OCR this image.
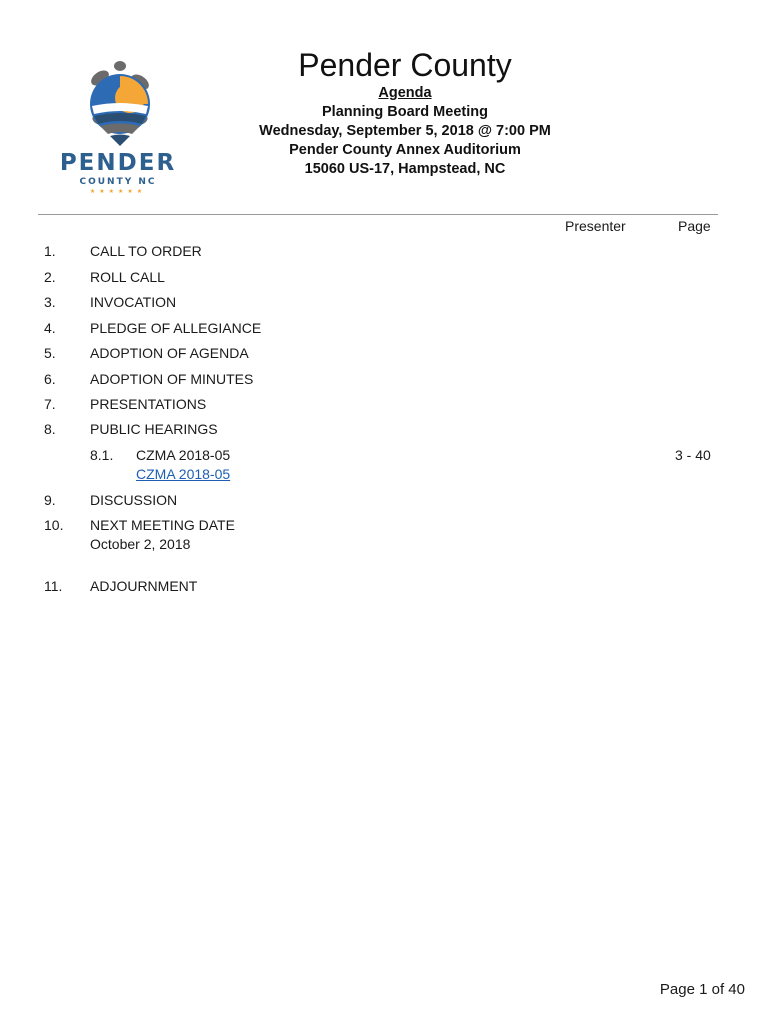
PENDER
COUNTY NC
★★★★★★
Pender County
Agenda
Planning Board Meeting
Wednesday, September 5, 2018 @ 7:00 PM
Pender County Annex Auditorium
15060 US-17, Hampstead, NC
Presenter	Page
1. CALL TO ORDER
2. ROLL CALL
3. INVOCATION
4. PLEDGE OF ALLEGIANCE
5. ADOPTION OF AGENDA
6. ADOPTION OF MINUTES
7. PRESENTATIONS
8. PUBLIC HEARINGS
8.1. CZMA 2018-05	3 - 40
CZMA 2018-05
9. DISCUSSION
10. NEXT MEETING DATE
October 2, 2018
11. ADJOURNMENT
Page 1 of 40
